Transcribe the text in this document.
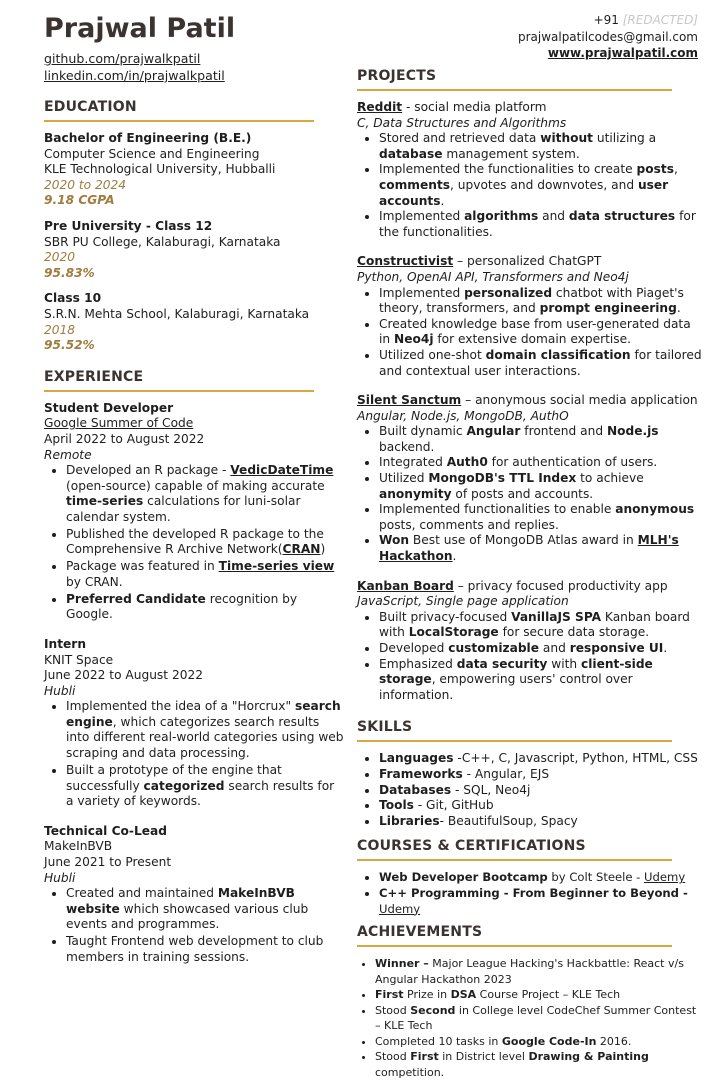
Prajwal Patil
github.com/prajwalkpatil
linkedin.com/in/prajwalkpatil
+91 [REDACTED]
prajwalpatilcodes@gmail.com
www.prajwalpatil.com
EDUCATION
Bachelor of Engineering (B.E.)
Computer Science and Engineering
KLE Technological University, Hubballi
2020 to 2024
9.18 CGPA
Pre University - Class 12
SBR PU College, Kalaburagi, Karnataka
2020
95.83%
Class 10
S.R.N. Mehta School, Kalaburagi, Karnataka
2018
95.52%
EXPERIENCE
Student Developer
Google Summer of Code
April 2022 to August 2022
Remote
• Developed an R package - VedicDateTime (open-source) capable of making accurate time-series calculations for luni-solar calendar system.
• Published the developed R package to the Comprehensive R Archive Network(CRAN)
• Package was featured in Time-series view by CRAN.
• Preferred Candidate recognition by Google.
Intern
KNIT Space
June 2022 to August 2022
Hubli
• Implemented the idea of a "Horcrux" search engine, which categorizes search results into different real-world categories using web scraping and data processing.
• Built a prototype of the engine that successfully categorized search results for a variety of keywords.
Technical Co-Lead
MakeInBVB
June 2021 to Present
Hubli
• Created and maintained MakeInBVB website which showcased various club events and programmes.
• Taught Frontend web development to club members in training sessions.
PROJECTS
Reddit - social media platform
C, Data Structures and Algorithms
• Stored and retrieved data without utilizing a database management system.
• Implemented the functionalities to create posts, comments, upvotes and downvotes, and user accounts.
• Implemented algorithms and data structures for the functionalities.
Constructivist – personalized ChatGPT
Python, OpenAI API, Transformers and Neo4j
• Implemented personalized chatbot with Piaget's theory, transformers, and prompt engineering.
• Created knowledge base from user-generated data in Neo4j for extensive domain expertise.
• Utilized one-shot domain classification for tailored and contextual user interactions.
Silent Sanctum – anonymous social media application
Angular, Node.js, MongoDB, AuthO
• Built dynamic Angular frontend and Node.js backend.
• Integrated Auth0 for authentication of users.
• Utilized MongoDB's TTL Index to achieve anonymity of posts and accounts.
• Implemented functionalities to enable anonymous posts, comments and replies.
• Won Best use of MongoDB Atlas award in MLH's Hackathon.
Kanban Board – privacy focused productivity app
JavaScript, Single page application
• Built privacy-focused VanillaJS SPA Kanban board with LocalStorage for secure data storage.
• Developed customizable and responsive UI.
• Emphasized data security with client-side storage, empowering users' control over information.
SKILLS
• Languages -C++, C, Javascript, Python, HTML, CSS
• Frameworks - Angular, EJS
• Databases - SQL, Neo4j
• Tools - Git, GitHub
• Libraries- BeautifulSoup, Spacy
COURSES & CERTIFICATIONS
• Web Developer Bootcamp by Colt Steele - Udemy
• C++ Programming - From Beginner to Beyond - Udemy
ACHIEVEMENTS
• Winner – Major League Hacking's Hackbattle: React v/s Angular Hackathon 2023
• First Prize in DSA Course Project – KLE Tech
• Stood Second in College level CodeChef Summer Contest – KLE Tech
• Completed 10 tasks in Google Code-In 2016.
• Stood First in District level Drawing & Painting competition.
